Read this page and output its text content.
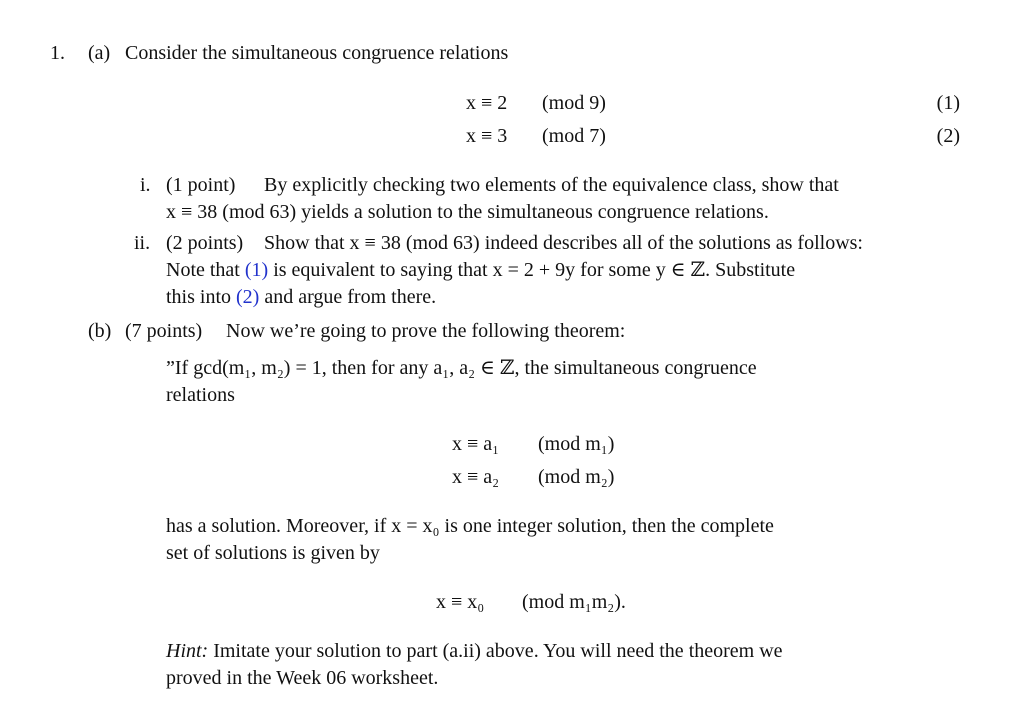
1. (a) Consider the simultaneous congruence relations
x ≡ 2 (mod 9)	(1)
x ≡ 3 (mod 7)	(2)
i. (1 point) By explicitly checking two elements of the equivalence class, show that
x ≡ 38 (mod 63) yields a solution to the simultaneous congruence relations.
ii. (2 points) Show that x ≡ 38 (mod 63) indeed describes all of the solutions as follows:
Note that (1) is equivalent to saying that x = 2 + 9y for some y ∈ ℤ. Substitute
this into (2) and argue from there.
(b) (7 points) Now we’re going to prove the following theorem:
”If gcd(m₁, m₂) = 1, then for any a₁, a₂ ∈ ℤ, the simultaneous congruence
relations
x ≡ a₁ (mod m₁)
x ≡ a₂ (mod m₂)
has a solution. Moreover, if x = x₀ is one integer solution, then the complete
set of solutions is given by
x ≡ x₀ (mod m₁m₂).
Hint: Imitate your solution to part (a.ii) above. You will need the theorem we
proved in the Week 06 worksheet.
